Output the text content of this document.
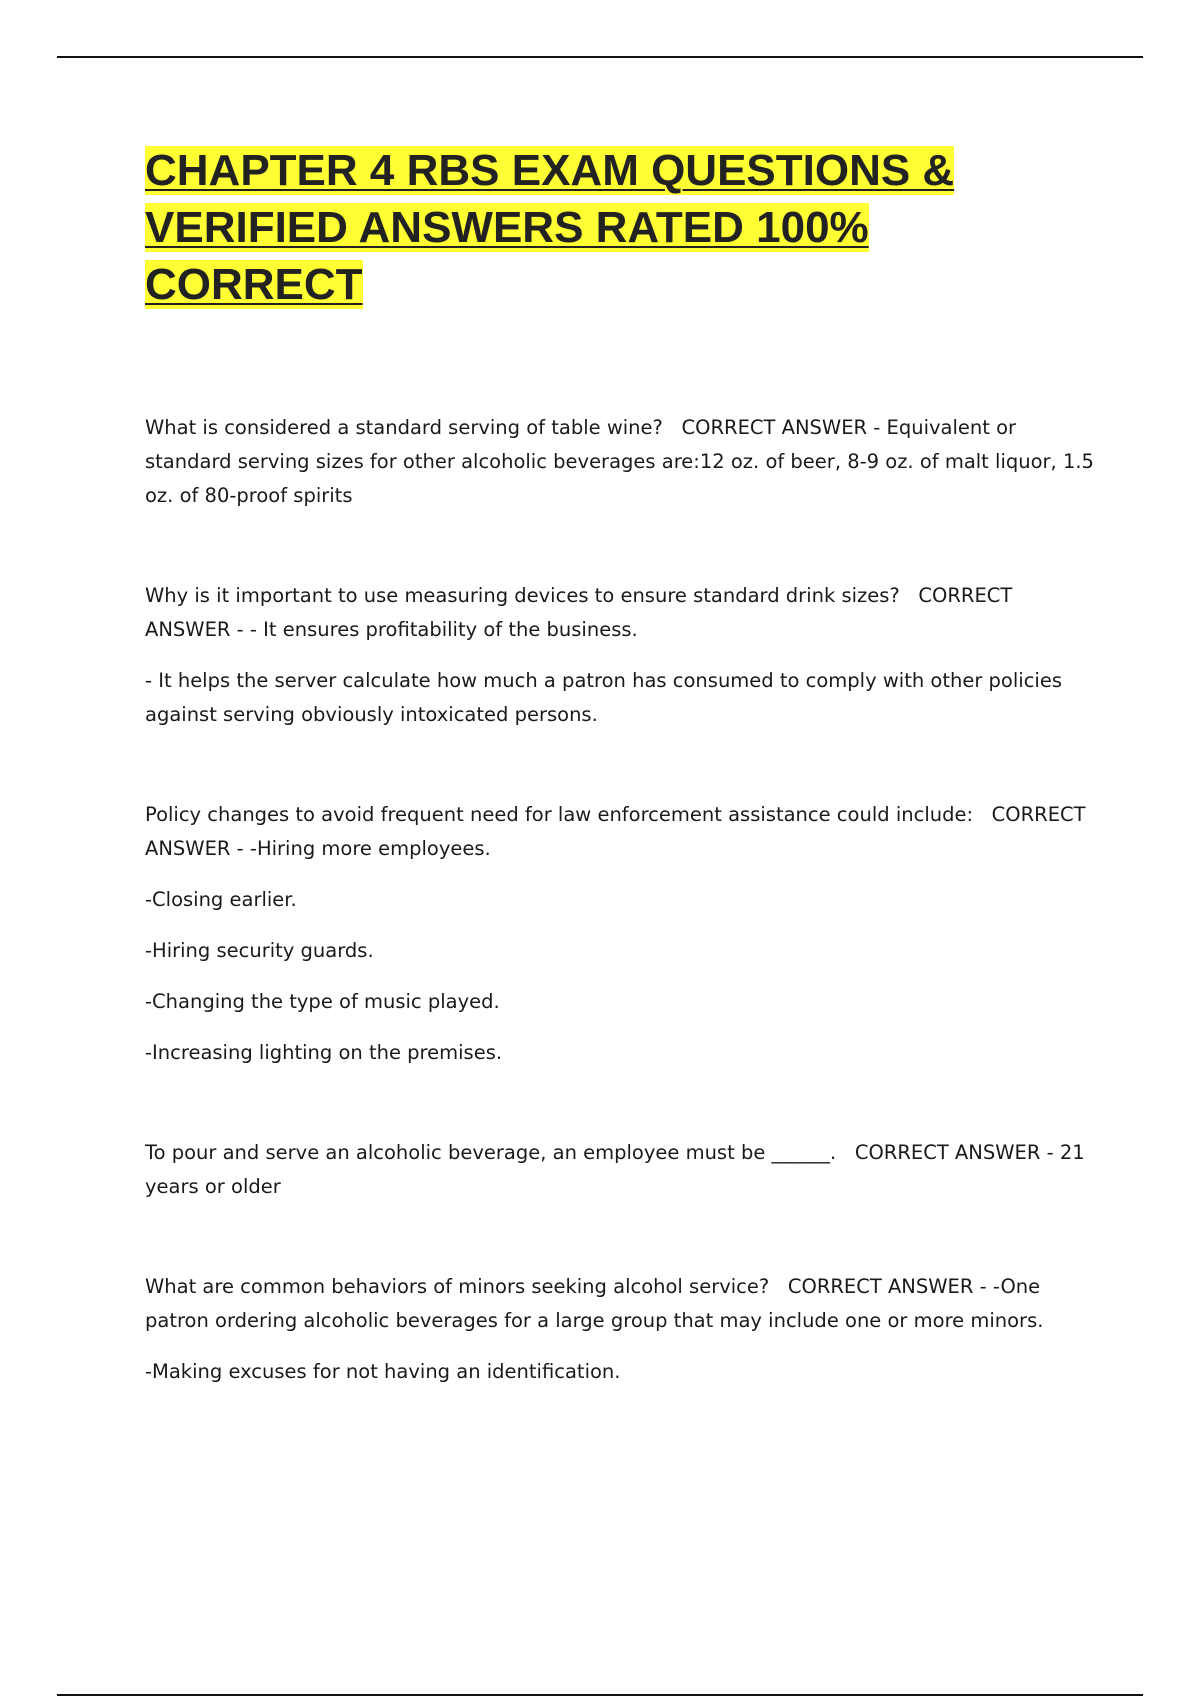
CHAPTER 4 RBS EXAM QUESTIONS & VERIFIED ANSWERS RATED 100% CORRECT

What is considered a standard serving of table wine? CORRECT ANSWER - Equivalent or standard serving sizes for other alcoholic beverages are:12 oz. of beer, 8-9 oz. of malt liquor, 1.5 oz. of 80-proof spirits

Why is it important to use measuring devices to ensure standard drink sizes? CORRECT ANSWER - - It ensures profitability of the business.

- It helps the server calculate how much a patron has consumed to comply with other policies against serving obviously intoxicated persons.

Policy changes to avoid frequent need for law enforcement assistance could include: CORRECT ANSWER - -Hiring more employees.

-Closing earlier.

-Hiring security guards.

-Changing the type of music played.

-Increasing lighting on the premises.

To pour and serve an alcoholic beverage, an employee must be ______. CORRECT ANSWER - 21 years or older

What are common behaviors of minors seeking alcohol service? CORRECT ANSWER - -One patron ordering alcoholic beverages for a large group that may include one or more minors.

-Making excuses for not having an identification.
